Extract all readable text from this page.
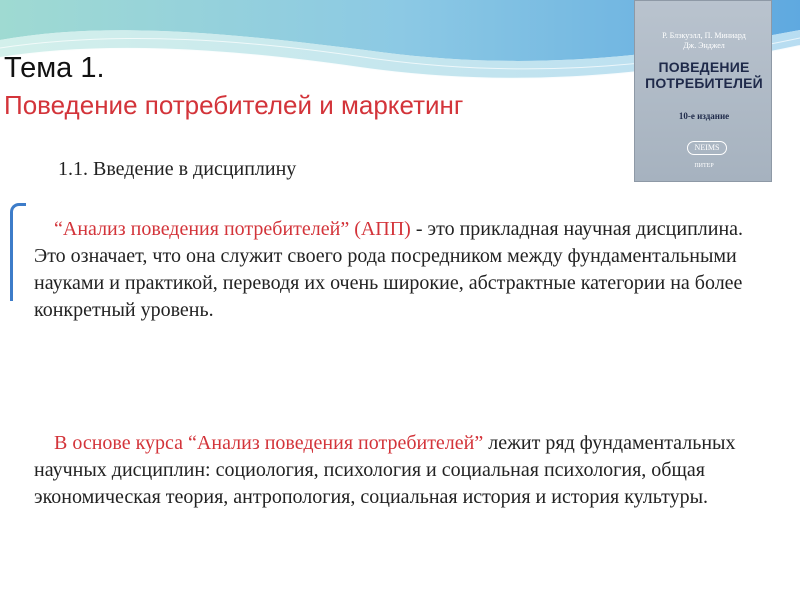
Тема 1.
Поведение потребителей и маркетинг
Р. Блэкуэлл, П. Миниард
Дж. Энджел
ПОВЕДЕНИЕ
ПОТРЕБИТЕЛЕЙ
10-е издание
NEIMS
ПИТЕР
1.1. Введение в дисциплину

“Анализ поведения потребителей” (АПП) - это прикладная научная дисциплина. Это означает, что она служит своего рода посредником между фундаментальными науками и практикой, переводя их очень широкие, абстрактные категории на более конкретный уровень.

В основе курса “Анализ поведения потребителей” лежит ряд фундаментальных научных дисциплин: социология, психология и социальная психология, общая экономическая теория, антропология, социальная история и история культуры.
